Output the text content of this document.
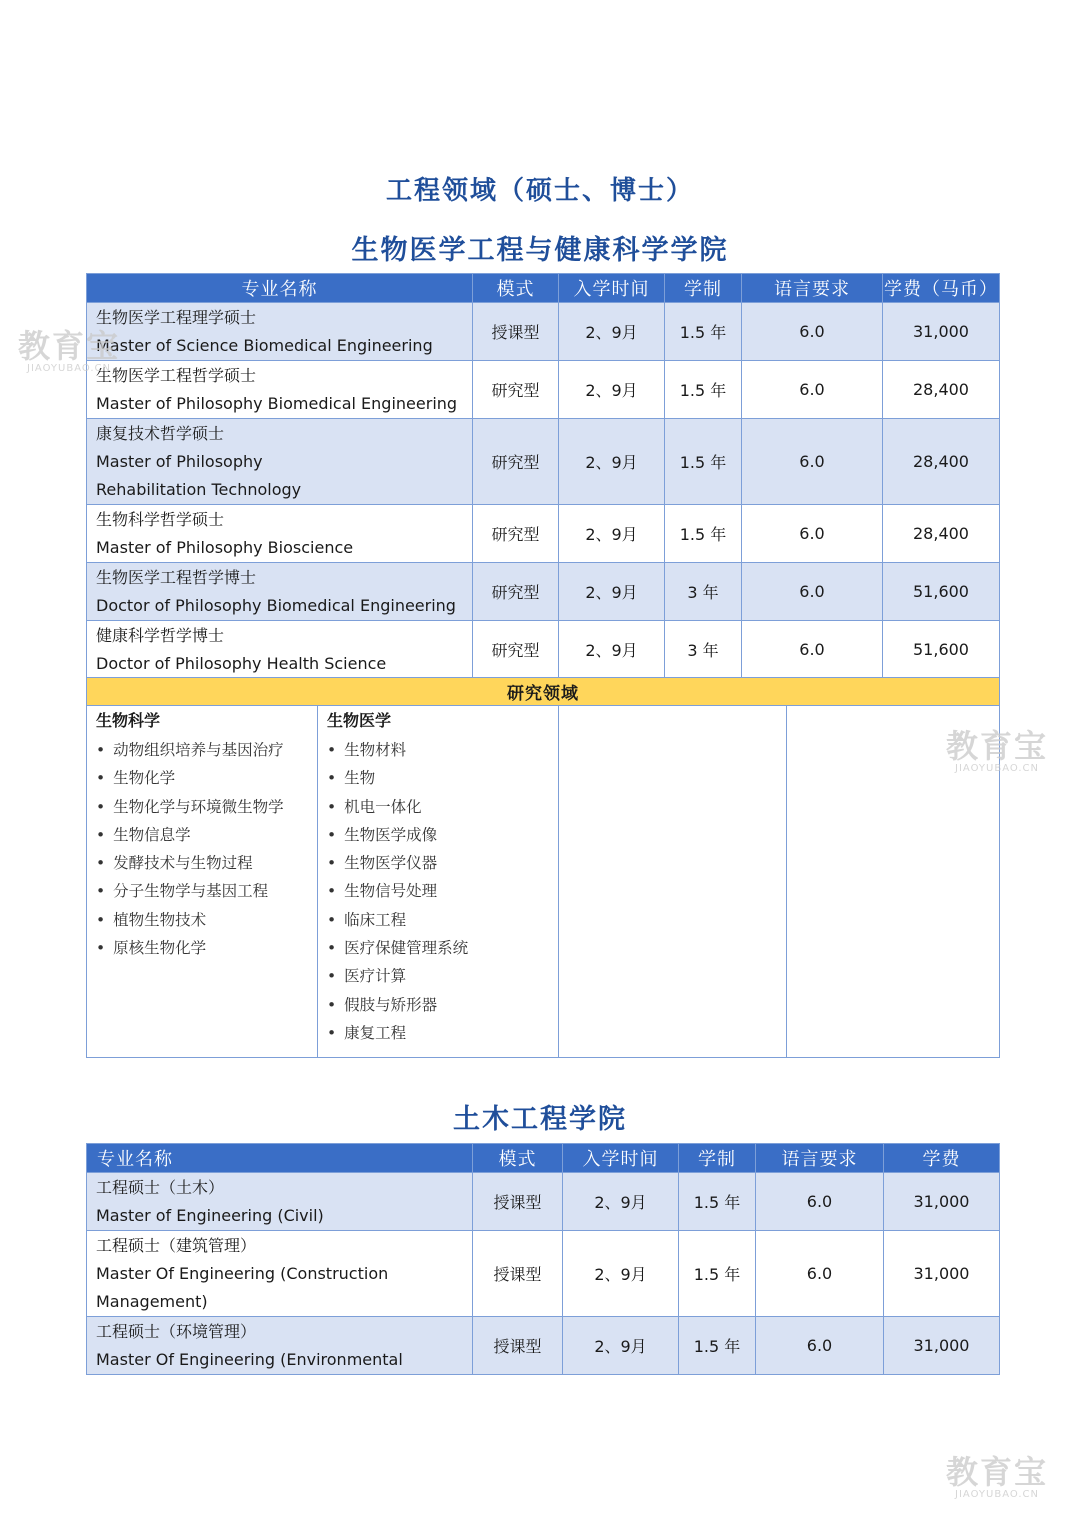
工程领域（硕士、博士）
生物医学工程与健康科学学院
专业名称	模式	入学时间	学制	语言要求	学费（马币）

生物医学工程理学硕士
Master of Science Biomedical Engineering	授课型	2、9月	1.5 年	6.0	31,000

生物医学工程哲学硕士
Master of Philosophy Biomedical Engineering	研究型	2、9月	1.5 年	6.0	28,400

康复技术哲学硕士
Master of Philosophy Rehabilitation Technology	研究型	2、9月	1.5 年	6.0	28,400

生物科学哲学硕士
Master of Philosophy Bioscience	研究型	2、9月	1.5 年	6.0	28,400

生物医学工程哲学博士
Doctor of Philosophy Biomedical Engineering	研究型	2、9月	3 年	6.0	51,600

健康科学哲学博士
Doctor of Philosophy Health Science	研究型	2、9月	3 年	6.0	51,600
研究领域

生物科学
• 动物组织培养与基因治疗
• 生物化学
• 生物化学与环境微生物学
• 生物信息学
• 发酵技术与生物过程
• 分子生物学与基因工程
• 植物生物技术
• 原核生物化学

生物医学
• 生物材料
• 生物
• 机电一体化
• 生物医学成像
• 生物医学仪器
• 生物信号处理
• 临床工程
• 医疗保健管理系统
• 医疗计算
• 假肢与矫形器
• 康复工程

土木工程学院
专业名称	模式	入学时间	学制	语言要求	学费

工程硕士（土木）
Master of Engineering (Civil)	授课型	2、9月	1.5 年	6.0	31,000

工程硕士（建筑管理）
Master Of Engineering (Construction Management)	授课型	2、9月	1.5 年	6.0	31,000

工程硕士（环境管理）
Master Of Engineering (Environmental	授课型	2、9月	1.5 年	6.0	31,000
教育宝
JIAOYUBAO.CN
教育宝
JIAOYUBAO.CN
教育宝
JIAOYUBAO.CN
